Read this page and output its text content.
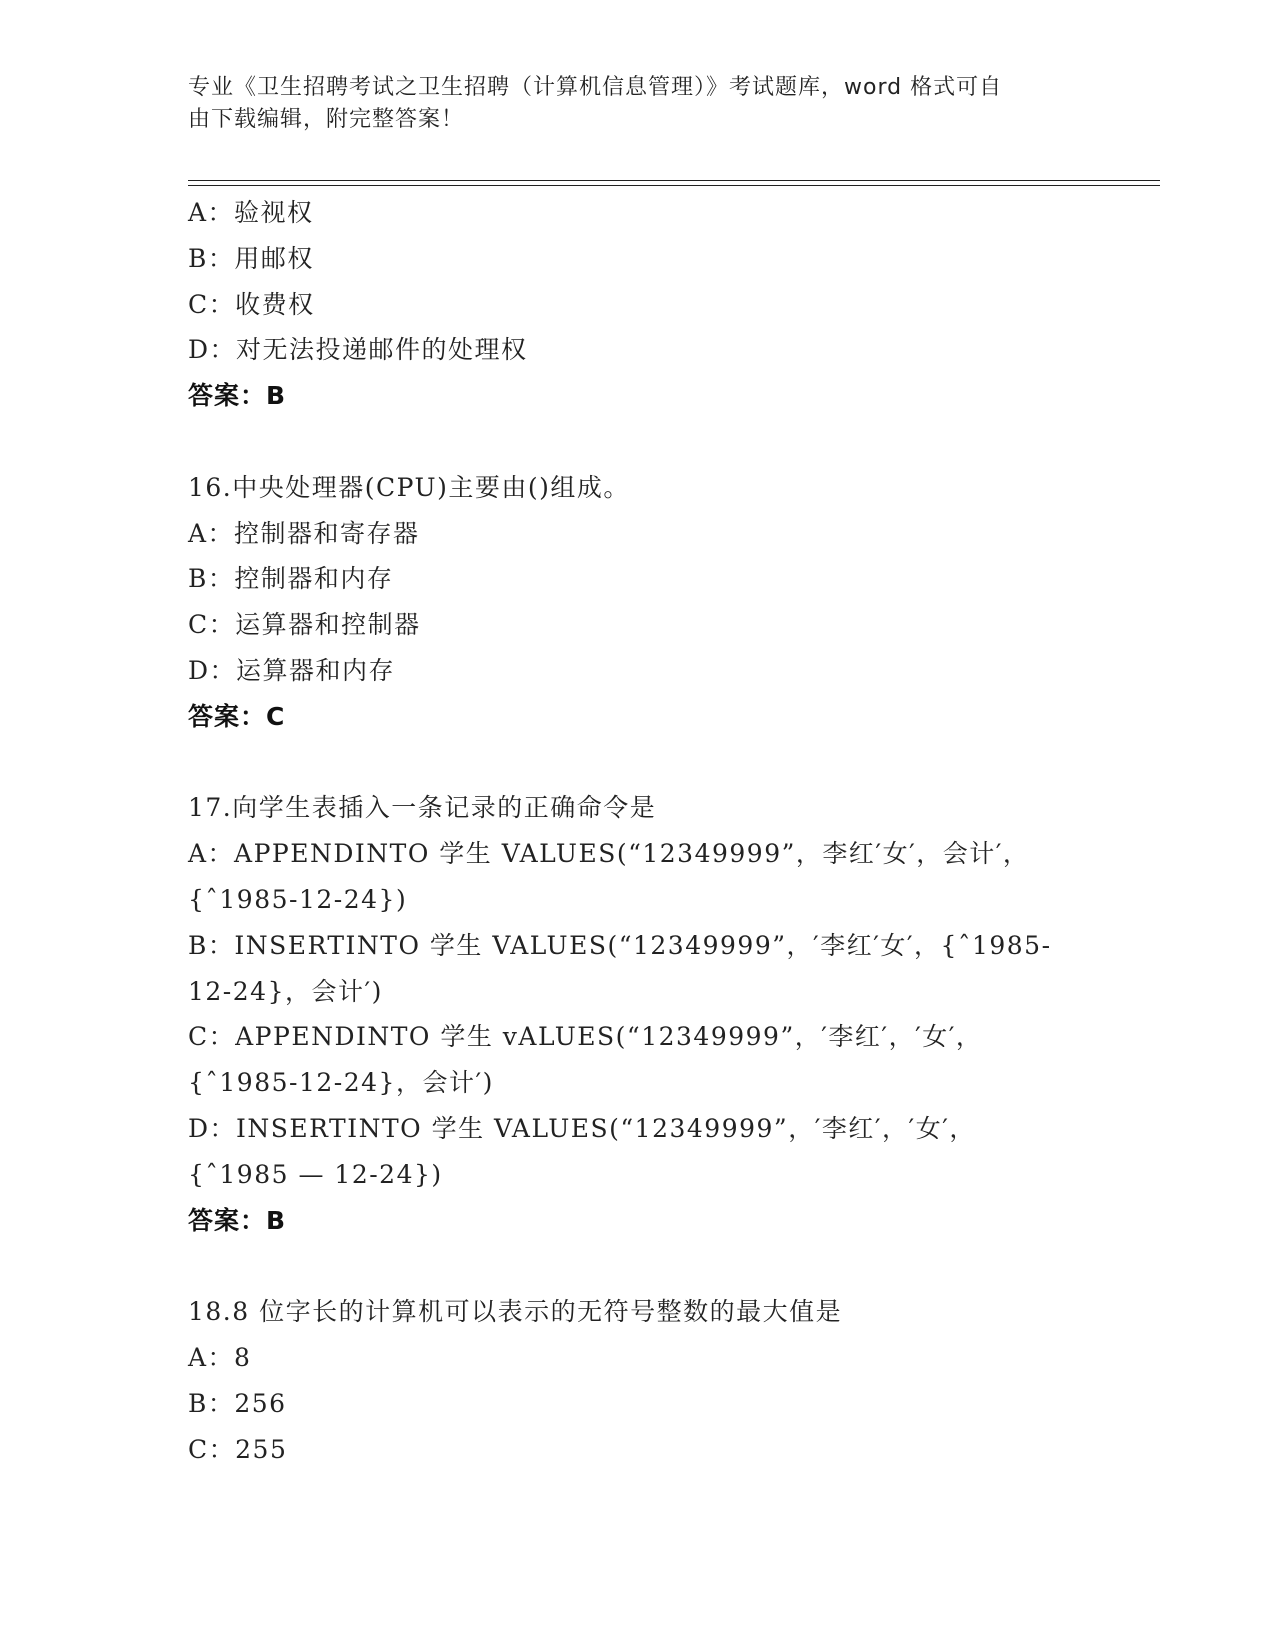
专业《卫生招聘考试之卫生招聘（计算机信息管理）》考试题库，word 格式可自
由下载编辑，附完整答案！
A：验视权
B：用邮权
C：收费权
D：对无法投递邮件的处理权
答案：B
16.中央处理器(CPU)主要由()组成。
A：控制器和寄存器
B：控制器和内存
C：运算器和控制器
D：运算器和内存
答案：C
17.向学生表插入一条记录的正确命令是
A：APPENDINTO 学生 VALUES(“12349999”，李红′女′，会计′，
{ˆ1985-12-24})
B：INSERTINTO 学生 VALUES(“12349999”，′李红′女′，{ˆ1985-
12-24}，会计′)
C：APPENDINTO 学生 vALUES(“12349999”，′李红′，′女′，
{ˆ1985-12-24}，会计′)
D：INSERTINTO 学生 VALUES(“12349999”，′李红′，′女′，
{ˆ1985 — 12-24})
答案：B
18.8 位字长的计算机可以表示的无符号整数的最大值是
A：8
B：256
C：255
